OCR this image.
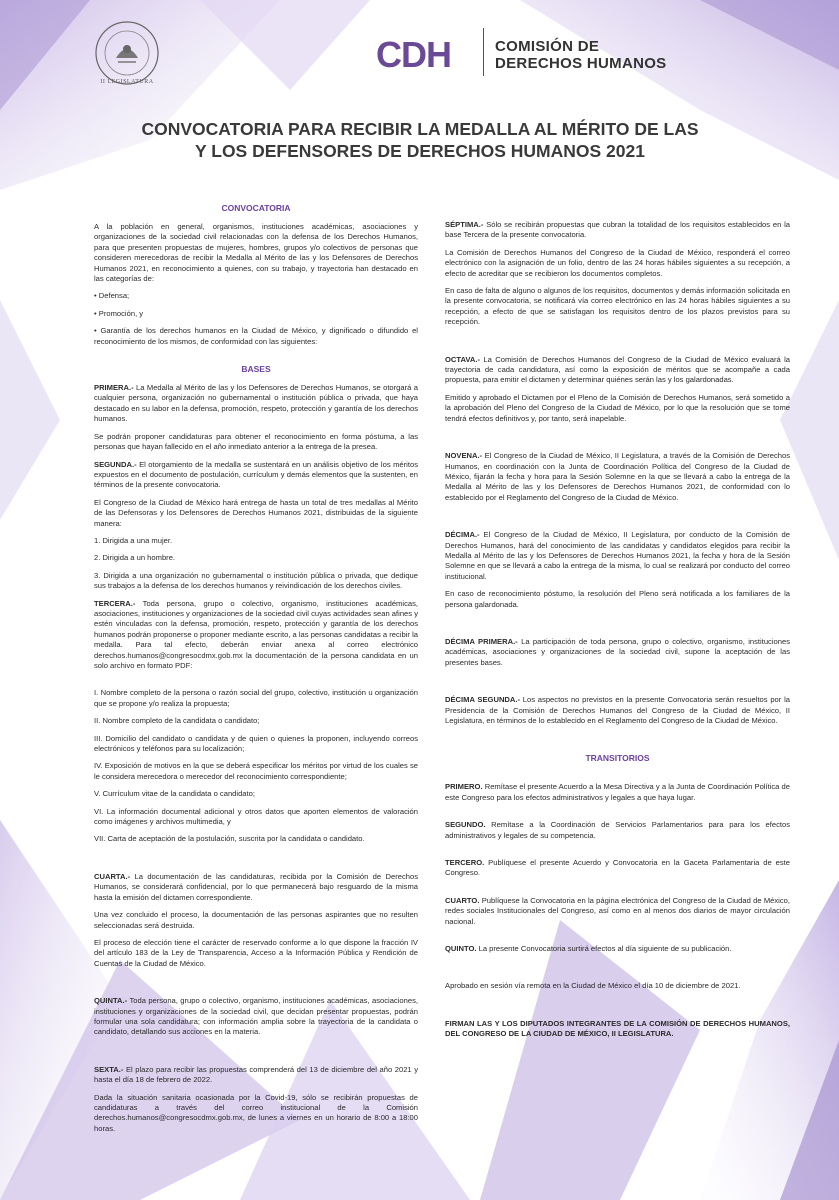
II LEGISLATURA
CDH	COMISIÓN DE
DERECHOS HUMANOS
CONVOCATORIA PARA RECIBIR LA MEDALLA AL MÉRITO DE LAS
Y LOS DEFENSORES DE DERECHOS HUMANOS 2021
CONVOCATORIA

A la población en general, organismos, instituciones académicas, asociaciones y organizaciones de la sociedad civil relacionadas con la defensa de los Derechos Humanos, para que presenten propuestas de mujeres, hombres, grupos y/o colectivos de personas que consideren merecedoras de recibir la Medalla al Mérito de las y los Defensores de Derechos Humanos 2021, en reconocimiento a quienes, con su trabajo, y trayectoria han destacado en las categorías de:

• Defensa;

• Promoción, y

• Garantía de los derechos humanos en la Ciudad de México, y dignificado o difundido el reconocimiento de los mismos, de conformidad con las siguientes:

BASES

PRIMERA.- La Medalla al Mérito de las y los Defensores de Derechos Humanos, se otorgará a cualquier persona, organización no gubernamental o institución pública o privada, que haya destacado en su labor en la defensa, promoción, respeto, protección y garantía de los derechos humanos.

Se podrán proponer candidaturas para obtener el reconocimiento en forma póstuma, a las personas que hayan fallecido en el año inmediato anterior a la entrega de la presea.

SEGUNDA.- El otorgamiento de la medalla se sustentará en un análisis objetivo de los méritos expuestos en el documento de postulación, currículum y demás elementos que la sustenten, en términos de la presente convocatoria.

El Congreso de la Ciudad de México hará entrega de hasta un total de tres medallas al Mérito de las Defensoras y los Defensores de Derechos Humanos 2021, distribuidas de la siguiente manera:

1. Dirigida a una mujer.

2. Dirigida a un hombre.

3. Dirigida a una organización no gubernamental o institución pública o privada, que dedique sus trabajos a la defensa de los derechos humanos y reivindicación de los derechos civiles.

TERCERA.- Toda persona, grupo o colectivo, organismo, instituciones académicas, asociaciones, instituciones y organizaciones de la sociedad civil cuyas actividades sean afines y estén vinculadas con la defensa, promoción, respeto, protección y garantía de los derechos humanos podrán proponerse o proponer mediante escrito, a las personas candidatas a recibir la medalla. Para tal efecto, deberán enviar anexa al correo electrónico derechos.humanos@congresocdmx.gob.mx la documentación de la persona candidata en un solo archivo en formato PDF:

I. Nombre completo de la persona o razón social del grupo, colectivo, institución u organización que se propone y/o realiza la propuesta;

II. Nombre completo de la candidata o candidato;

III. Domicilio del candidato o candidata y de quien o quienes la proponen, incluyendo correos electrónicos y teléfonos para su localización;

IV. Exposición de motivos en la que se deberá especificar los méritos por virtud de los cuales se le considera merecedora o merecedor del reconocimiento correspondiente;

V. Currículum vitae de la candidata o candidato;

VI. La información documental adicional y otros datos que aporten elementos de valoración como imágenes y archivos multimedia, y

VII. Carta de aceptación de la postulación, suscrita por la candidata o candidato.

CUARTA.- La documentación de las candidaturas, recibida por la Comisión de Derechos Humanos, se considerará confidencial, por lo que permanecerá bajo resguardo de la misma hasta la emisión del dictamen correspondiente.

Una vez concluido el proceso, la documentación de las personas aspirantes que no resulten seleccionadas será destruida.

El proceso de elección tiene el carácter de reservado conforme a lo que dispone la fracción IV del artículo 183 de la Ley de Transparencia, Acceso a la Información Pública y Rendición de Cuentas de la Ciudad de México.

QUINTA.- Toda persona, grupo o colectivo, organismo, instituciones académicas, asociaciones, instituciones y organizaciones de la sociedad civil, que decidan presentar propuestas, podrán formular una sola candidatura; con información amplia sobre la trayectoria de la candidata o candidato, detallando sus acciones en la materia.

SEXTA.- El plazo para recibir las propuestas comprenderá del 13 de diciembre del año 2021 y hasta el día 18 de febrero de 2022.

Dada la situación sanitaria ocasionada por la Covid-19, sólo se recibirán propuestas de candidaturas a través del correo institucional de la Comisión derechos.humanos@congresocdmx.gob.mx, de lunes a viernes en un horario de 8:00 a 18:00 horas.

SÉPTIMA.- Sólo se recibirán propuestas que cubran la totalidad de los requisitos establecidos en la base Tercera de la presente convocatoria.

La Comisión de Derechos Humanos del Congreso de la Ciudad de México, responderá el correo electrónico con la asignación de un folio, dentro de las 24 horas hábiles siguientes a su recepción, a efecto de acreditar que se recibieron los documentos completos.

En caso de falta de alguno o algunos de los requisitos, documentos y demás información solicitada en la presente convocatoria, se notificará vía correo electrónico en las 24 horas hábiles siguientes a su recepción, a efecto de que se satisfagan los requisitos dentro de los plazos previstos para su recepción.

OCTAVA.- La Comisión de Derechos Humanos del Congreso de la Ciudad de México evaluará la trayectoria de cada candidatura, así como la exposición de méritos que se acompañe a cada propuesta, para emitir el dictamen y determinar quiénes serán las y los galardonadas.

Emitido y aprobado el Dictamen por el Pleno de la Comisión de Derechos Humanos, será sometido a la aprobación del Pleno del Congreso de la Ciudad de México, por lo que la resolución que se tome tendrá efectos definitivos y, por tanto, será inapelable.

NOVENA.- El Congreso de la Ciudad de México, II Legislatura, a través de la Comisión de Derechos Humanos, en coordinación con la Junta de Coordinación Política del Congreso de la Ciudad de México, fijarán la fecha y hora para la Sesión Solemne en la que se llevará a cabo la entrega de la Medalla al Mérito de las y los Defensores de Derechos Humanos 2021, de conformidad con lo establecido por el Reglamento del Congreso de la Ciudad de México.

DÉCIMA.- El Congreso de la Ciudad de México, II Legislatura, por conducto de la Comisión de Derechos Humanos, hará del conocimiento de las candidatas y candidatos elegidos para recibir la Medalla al Mérito de las y los Defensores de Derechos Humanos 2021, la fecha y hora de la Sesión Solemne en que se llevará a cabo la entrega de la misma, lo cual se realizará por conducto del correo institucional.

En caso de reconocimiento póstumo, la resolución del Pleno será notificada a los familiares de la persona galardonada.

DÉCIMA PRIMERA.- La participación de toda persona, grupo o colectivo, organismo, instituciones académicas, asociaciones y organizaciones de la sociedad civil, supone la aceptación de las presentes bases.

DÉCIMA SEGUNDA.- Los aspectos no previstos en la presente Convocatoria serán resueltos por la Presidencia de la Comisión de Derechos Humanos del Congreso de la Ciudad de México, II Legislatura, en términos de lo establecido en el Reglamento del Congreso de la Ciudad de México.

TRANSITORIOS

PRIMERO. Remítase el presente Acuerdo a la Mesa Directiva y a la Junta de Coordinación Política de este Congreso para los efectos administrativos y legales a que haya lugar.

SEGUNDO. Remítase a la Coordinación de Servicios Parlamentarios para para los efectos administrativos y legales de su competencia.

TERCERO. Publíquese el presente Acuerdo y Convocatoria en la Gaceta Parlamentaria de este Congreso.

CUARTO. Publíquese la Convocatoria en la página electrónica del Congreso de la Ciudad de México, redes sociales Institucionales del Congreso, así como en al menos dos diarios de mayor circulación nacional.

QUINTO. La presente Convocatoria surtirá efectos al día siguiente de su publicación.

Aprobado en sesión vía remota en la Ciudad de México el día 10 de diciembre de 2021.

FIRMAN LAS Y LOS DIPUTADOS INTEGRANTES DE LA COMISIÓN DE DERECHOS HUMANOS, DEL CONGRESO DE LA CIUDAD DE MÉXICO, II LEGISLATURA.
